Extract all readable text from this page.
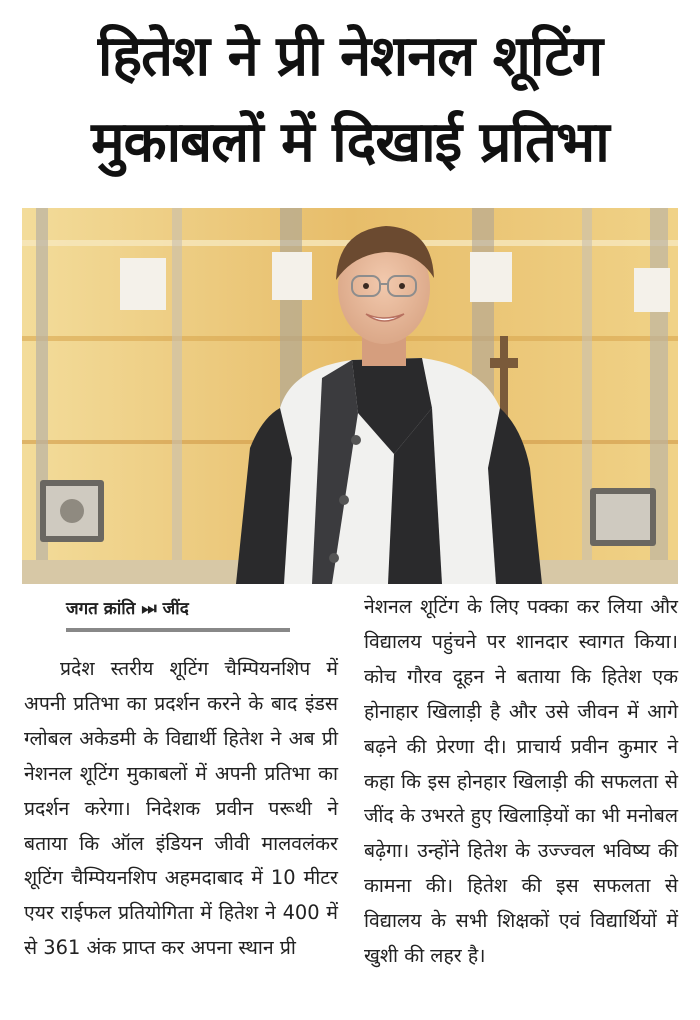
हितेश ने प्री नेशनल शूटिंग
मुकाबलों में दिखाई प्रतिभा
जगत क्रांति ⏭ जींद

प्रदेश स्तरीय शूटिंग चैम्पियनशिप में अपनी प्रतिभा का प्रदर्शन करने के बाद इंडस ग्लोबल अकेडमी के विद्यार्थी हितेश ने अब प्री नेशनल शूटिंग मुकाबलों में अपनी प्रतिभा का प्रदर्शन करेगा। निदेशक प्रवीन परूथी ने बताया कि ऑल इंडियन जीवी मालवलंकर शूटिंग चैम्पियनशिप अहमदाबाद में 10 मीटर एयर राईफल प्रतियोगिता में हितेश ने 400 में से 361 अंक प्राप्त कर अपना स्थान प्री

नेशनल शूटिंग के लिए पक्का कर लिया और विद्यालय पहुंचने पर शानदार स्वागत किया। कोच गौरव दूहन ने बताया कि हितेश एक होनाहार खिलाड़ी है और उसे जीवन में आगे बढ़ने की प्रेरणा दी। प्राचार्य प्रवीन कुमार ने कहा कि इस होनहार खिलाड़ी की सफलता से जींद के उभरते हुए खिलाड़ियों का भी मनोबल बढ़ेगा। उन्होंने हितेश के उज्ज्वल भविष्य की कामना की। हितेश की इस सफलता से विद्यालय के सभी शिक्षकों एवं विद्यार्थियों में खुशी की लहर है।
